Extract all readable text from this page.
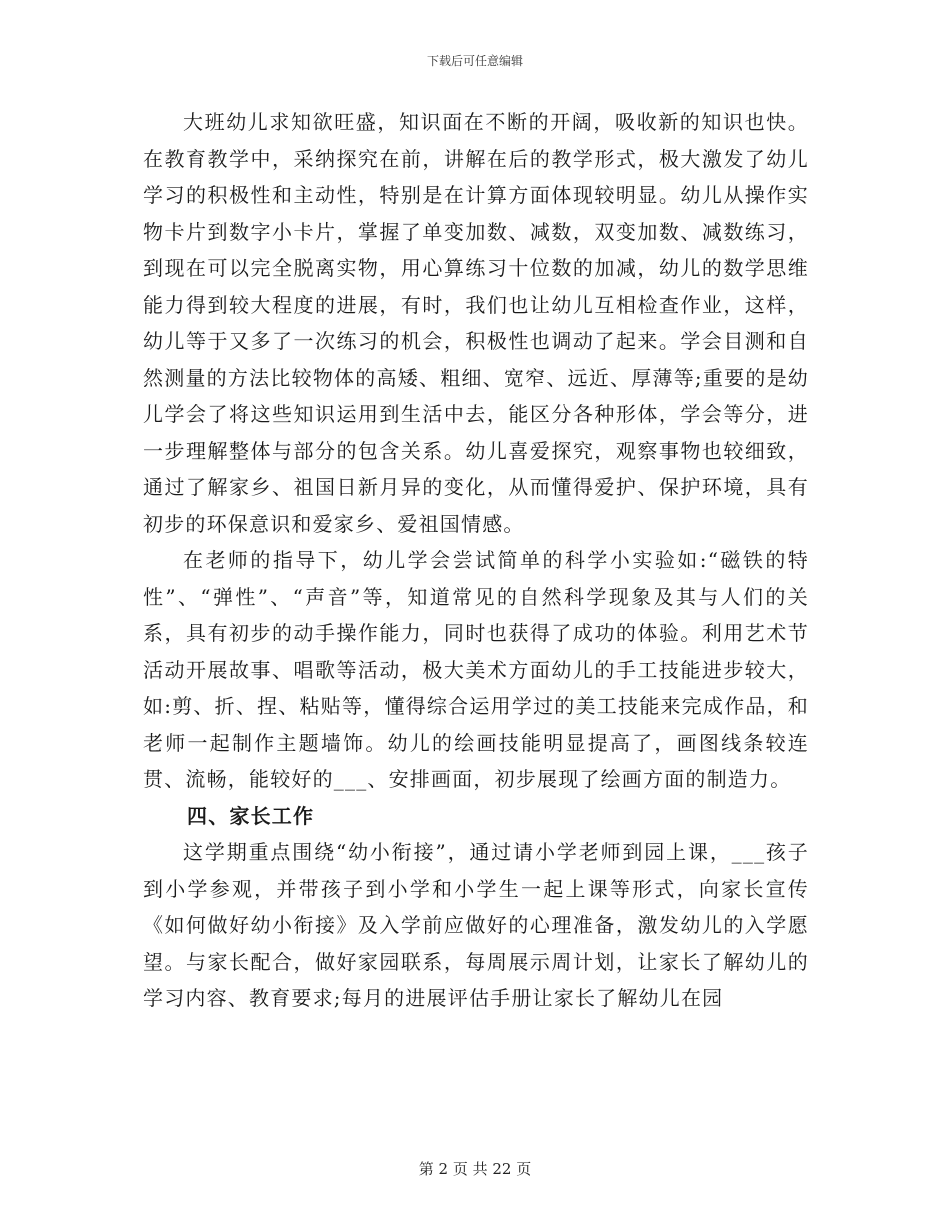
下载后可任意编辑

大班幼儿求知欲旺盛，知识面在不断的开阔，吸收新的知识也快。在教育教学中，采纳探究在前，讲解在后的教学形式，极大激发了幼儿学习的积极性和主动性，特别是在计算方面体现较明显。幼儿从操作实物卡片到数字小卡片，掌握了单变加数、减数，双变加数、减数练习，到现在可以完全脱离实物，用心算练习十位数的加减，幼儿的数学思维能力得到较大程度的进展，有时，我们也让幼儿互相检查作业，这样，幼儿等于又多了一次练习的机会，积极性也调动了起来。学会目测和自然测量的方法比较物体的高矮、粗细、宽窄、远近、厚薄等;重要的是幼儿学会了将这些知识运用到生活中去，能区分各种形体，学会等分，进一步理解整体与部分的包含关系。幼儿喜爱探究，观察事物也较细致，通过了解家乡、祖国日新月异的变化，从而懂得爱护、保护环境，具有初步的环保意识和爱家乡、爱祖国情感。

在老师的指导下，幼儿学会尝试简单的科学小实验如:“磁铁的特性”、“弹性”、“声音”等，知道常见的自然科学现象及其与人们的关系，具有初步的动手操作能力，同时也获得了成功的体验。利用艺术节活动开展故事、唱歌等活动，极大美术方面幼儿的手工技能进步较大，如:剪、折、捏、粘贴等，懂得综合运用学过的美工技能来完成作品，和老师一起制作主题墙饰。幼儿的绘画技能明显提高了，画图线条较连贯、流畅，能较好的___、安排画面，初步展现了绘画方面的制造力。

四、家长工作

这学期重点围绕“幼小衔接”，通过请小学老师到园上课，___孩子到小学参观，并带孩子到小学和小学生一起上课等形式，向家长宣传《如何做好幼小衔接》及入学前应做好的心理准备，激发幼儿的入学愿望。与家长配合，做好家园联系，每周展示周计划，让家长了解幼儿的学习内容、教育要求;每月的进展评估手册让家长了解幼儿在园

第 2 页 共 22 页
